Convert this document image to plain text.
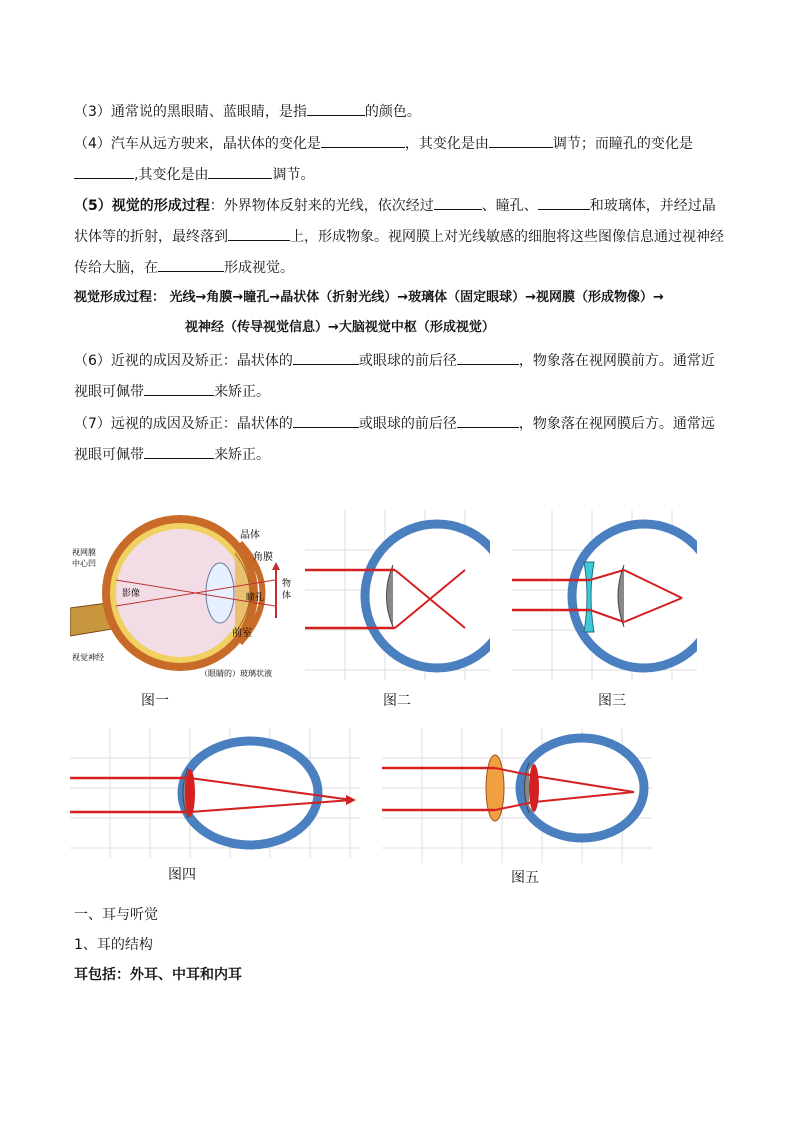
（3）通常说的黑眼睛、蓝眼睛，是指	的颜色。
（4）汽车从远方驶来，晶状体的变化是	，其变化是由	调节；而瞳孔的变化是
,其变化是由	调节。
（5）视觉的形成过程：外界物体反射来的光线，依次经过	、瞳孔、	和玻璃体，并经过晶
状体等的折射，最终落到	上，形成物象。视网膜上对光线敏感的细胞将这些图像信息通过视神经
传给大脑，在	形成视觉。
视觉形成过程： 光线→角膜→瞳孔→晶状体（折射光线）→玻璃体（固定眼球）→视网膜（形成物像）→
视神经（传导视觉信息）→大脑视觉中枢（形成视觉）
（6）近视的成因及矫正：晶状体的	或眼球的前后径	，物象落在视网膜前方。通常近
视眼可佩带	来矫正。
（7）远视的成因及矫正：晶状体的	或眼球的前后径	，物象落在视网膜后方。通常远
视眼可佩带	来矫正。
晶体
角膜
视网膜
中心凹
影像
物
体
瞳孔
前室
视觉神经
（眼睛的）玻璃状液
图一	图二	图三
图四	图五
一、耳与听觉
1、耳的结构
耳包括：外耳、中耳和内耳
